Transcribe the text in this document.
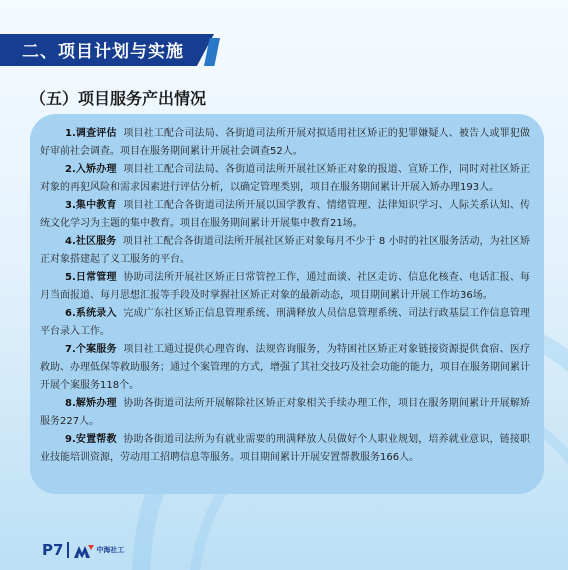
二、项目计划与实施
（五）项目服务产出情况

1.调查评估 项目社工配合司法局、各街道司法所开展对拟适用社区矫正的犯罪嫌疑人、被告人或罪犯做好审前社会调查。项目在服务期间累计开展社会调查52人。

2.入矫办理 项目社工配合司法局、各街道司法所开展社区矫正对象的报道、宣矫工作，同时对社区矫正对象的再犯风险和需求因素进行评估分析，以确定管理类别，项目在服务期间累计开展入矫办理193人。

3.集中教育 项目社工配合各街道司法所开展以国学教育、情绪管理、法律知识学习、人际关系认知、传统文化学习为主题的集中教育。项目在服务期间累计开展集中教育21场。

4.社区服务 项目社工配合各街道司法所开展社区矫正对象每月不少于 8 小时的社区服务活动，为社区矫正对象搭建起了义工服务的平台。

5.日常管理 协助司法所开展社区矫正日常管控工作，通过面谈、社区走访、信息化核查、电话汇报、每月当面报道、每月思想汇报等手段及时掌握社区矫正对象的最新动态，项目期间累计开展工作坊36场。

6.系统录入 完成广东社区矫正信息管理系统、刑满释放人员信息管理系统、司法行政基层工作信息管理平台录入工作。

7.个案服务 项目社工通过提供心理咨询、法规咨询服务，为特困社区矫正对象链接资源提供食宿、医疗救助、办理低保等救助服务；通过个案管理的方式，增强了其社交技巧及社会功能的能力，项目在服务期间累计开展个案服务118个。

8.解矫办理 协助各街道司法所开展解除社区矫正对象相关手续办理工作，项目在服务期间累计开展解矫服务227人。

9.安置帮教 协助各街道司法所为有就业需要的刑满释放人员做好个人职业规划，培养就业意识，链接职业技能培训资源，劳动用工招聘信息等服务。项目期间累计开展安置帮教服务166人。

P7	中海社工
